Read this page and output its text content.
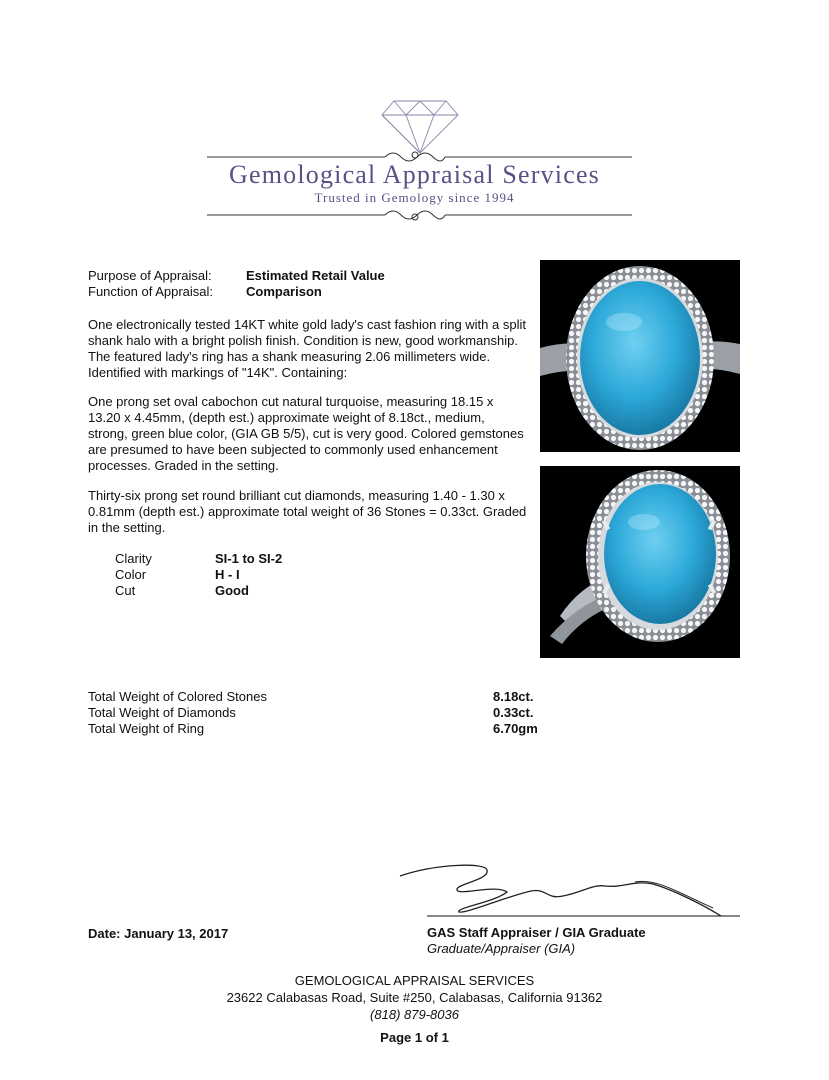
Gemological Appraisal Services
Trusted in Gemology since 1994
Purpose of Appraisal:	Estimated Retail Value
Function of Appraisal:	Comparison
One electronically tested 14KT white gold lady's cast fashion ring with a split shank halo with a bright polish finish. Condition is new, good workmanship. The featured lady's ring has a shank measuring 2.06 millimeters wide. Identified with markings of "14K". Containing:
One prong set oval cabochon cut natural turquoise, measuring 18.15 x 13.20 x 4.45mm, (depth est.) approximate weight of 8.18ct., medium, strong, green blue color, (GIA GB 5/5), cut is very good. Colored gemstones are presumed to have been subjected to commonly used enhancement processes. Graded in the setting.
Thirty-six prong set round brilliant cut diamonds, measuring 1.40 - 1.30 x 0.81mm (depth est.) approximate total weight of 36 Stones = 0.33ct. Graded in the setting.
Clarity	SI-1 to SI-2
Color	H - I
Cut	Good
Total Weight of Colored Stones	8.18ct.
Total Weight of Diamonds	0.33ct.
Total Weight of Ring	6.70gm
Date: January 13, 2017	GAS Staff Appraiser / GIA Graduate
Graduate/Appraiser (GIA)
GEMOLOGICAL APPRAISAL SERVICES
23622 Calabasas Road, Suite #250, Calabasas, California 91362
(818) 879-8036
Page 1 of 1
